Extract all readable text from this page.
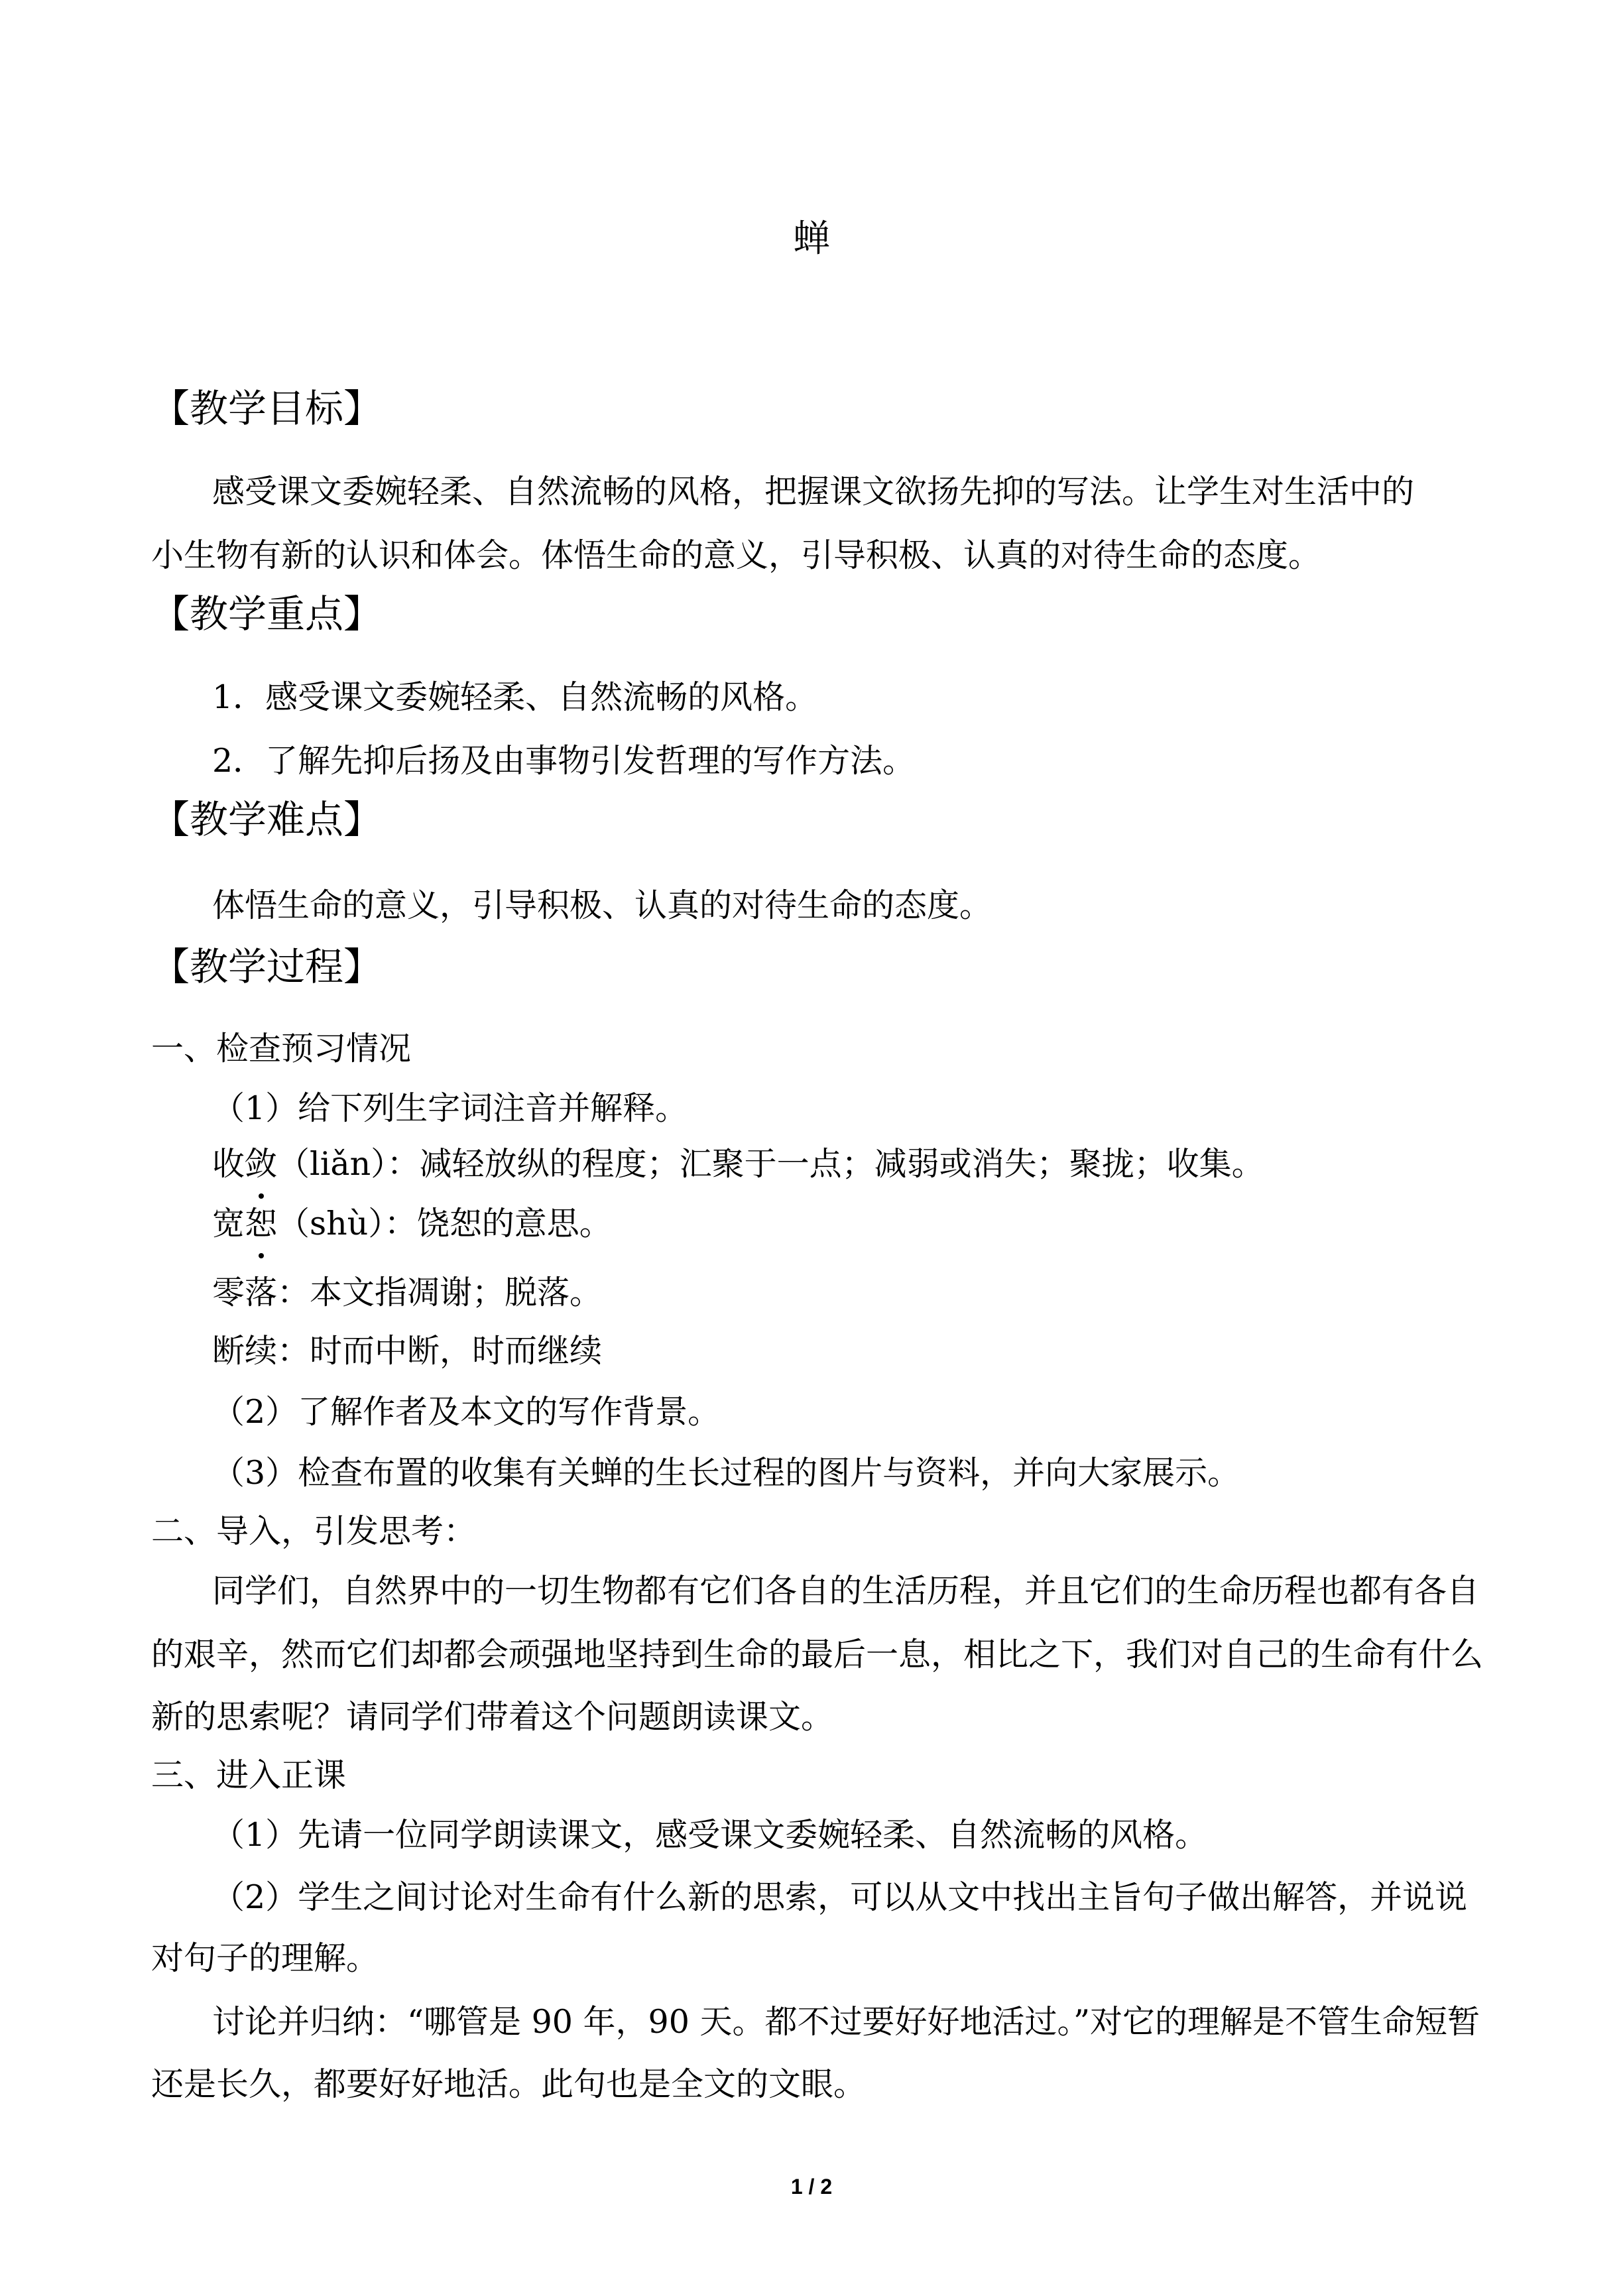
蝉
【教学目标】
感受课文委婉轻柔、自然流畅的风格，把握课文欲扬先抑的写法。让学生对生活中的
小生物有新的认识和体会。体悟生命的意义，引导积极、认真的对待生命的态度。
【教学重点】
1．感受课文委婉轻柔、自然流畅的风格。
2．了解先抑后扬及由事物引发哲理的写作方法。
【教学难点】
体悟生命的意义，引导积极、认真的对待生命的态度。
【教学过程】
一、检查预习情况
（1）给下列生字词注音并解释。
收敛（liǎn）：减轻放纵的程度；汇聚于一点；减弱或消失；聚拢；收集。
宽恕（shù）：饶恕的意思。
零落：本文指凋谢；脱落。
断续：时而中断，时而继续
（2）了解作者及本文的写作背景。
（3）检查布置的收集有关蝉的生长过程的图片与资料，并向大家展示。
二、导入，引发思考：
同学们，自然界中的一切生物都有它们各自的生活历程，并且它们的生命历程也都有各自
的艰辛，然而它们却都会顽强地坚持到生命的最后一息，相比之下，我们对自己的生命有什么
新的思索呢？请同学们带着这个问题朗读课文。
三、进入正课
（1）先请一位同学朗读课文，感受课文委婉轻柔、自然流畅的风格。
（2）学生之间讨论对生命有什么新的思索，可以从文中找出主旨句子做出解答，并说说
对句子的理解。
讨论并归纳：“哪管是 90 年，90 天。都不过要好好地活过。”对它的理解是不管生命短暂
还是长久，都要好好地活。此句也是全文的文眼。
1 / 2
